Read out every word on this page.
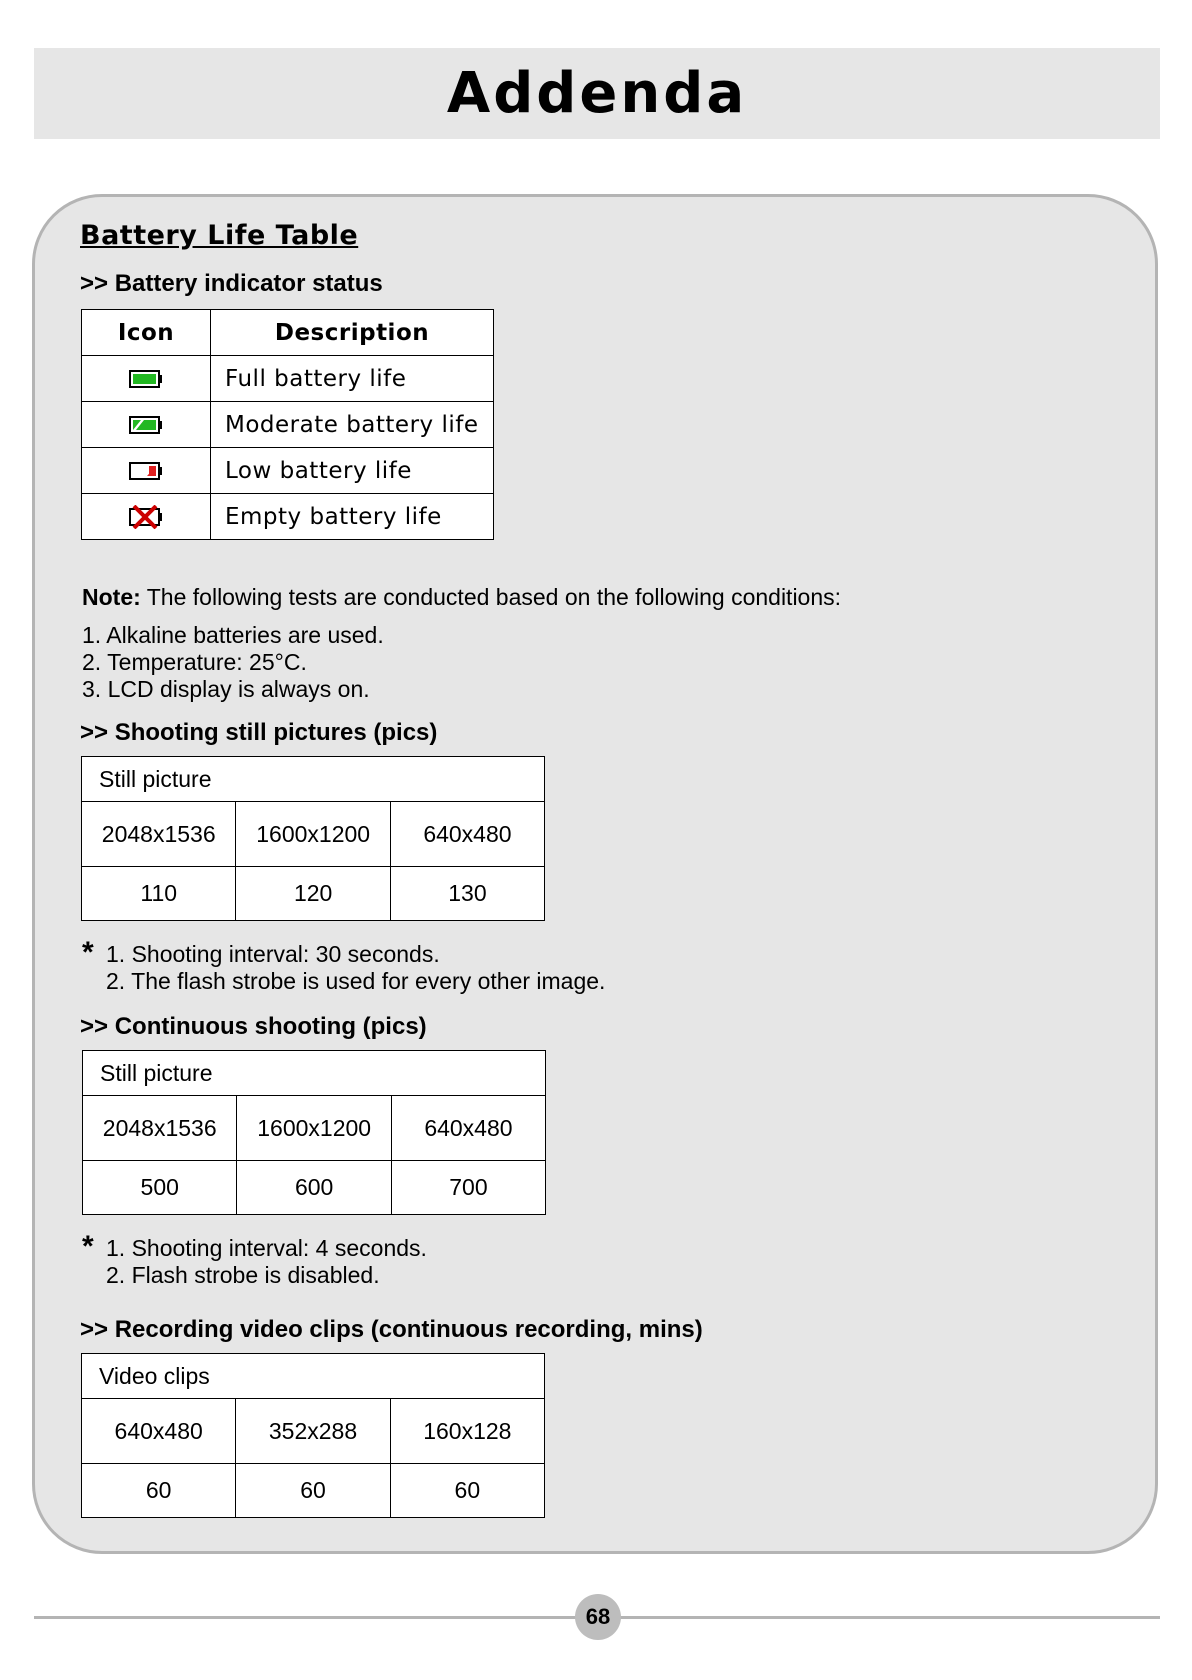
Addenda
Battery Life Table
>> Battery indicator status
Icon	Description
	Full battery life
	Moderate battery life
	Low battery life
	Empty battery life
Note: The following tests are conducted based on the following conditions:
1. Alkaline batteries are used.
2. Temperature: 25°C.
3. LCD display is always on.
>> Shooting still pictures (pics)
Still picture		
2048x1536	1600x1200	640x480
110	120	130
* 1. Shooting interval: 30 seconds.
2. The flash strobe is used for every other image.
>> Continuous shooting (pics)
Still picture		
2048x1536	1600x1200	640x480
500	600	700
* 1. Shooting interval: 4 seconds.
2. Flash strobe is disabled.
>> Recording video clips (continuous recording, mins)
Video clips		
640x480	352x288	160x128
60	60	60
68
